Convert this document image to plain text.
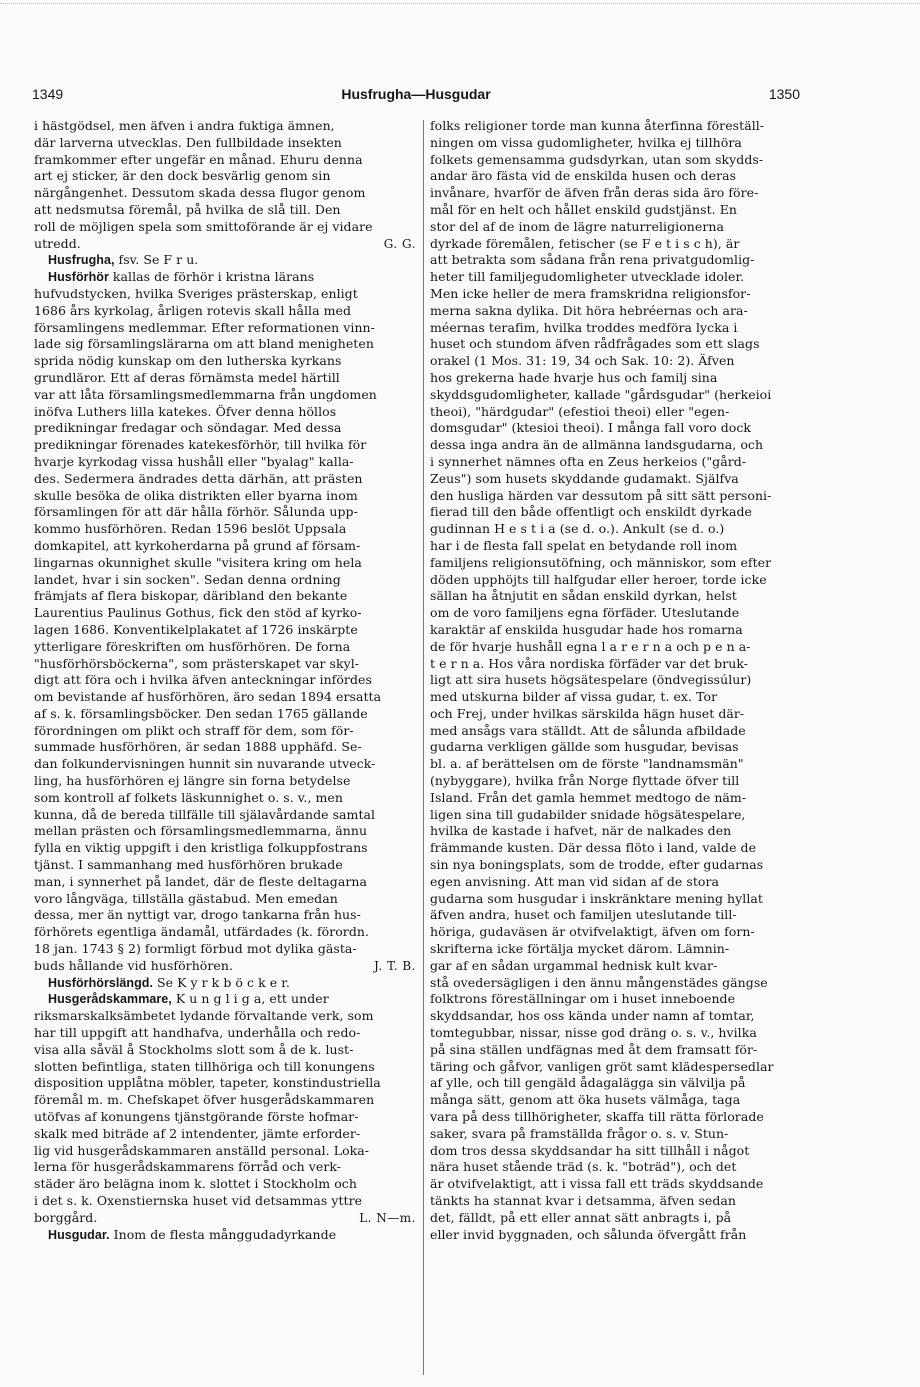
1349	Husfrugha—Husgudar	1350
i hästgödsel, men äfven i andra fuktiga ämnen,
där larverna utvecklas. Den fullbildade insekten
framkommer efter ungefär en månad. Ehuru denna
art ej sticker, är den dock besvärlig genom sin
närgångenhet. Dessutom skada dessa flugor genom
att nedsmutsa föremål, på hvilka de slå till. Den
roll de möjligen spela som smittoförande är ej vidare
utredd.	G. G.
Husfrugha, fsv. Se F r u.
Husförhör kallas de förhör i kristna lärans
hufvudstycken, hvilka Sveriges prästerskap, enligt
1686 års kyrkolag, årligen rotevis skall hålla med
församlingens medlemmar. Efter reformationen vinn-
lade sig församlingslärarna om att bland menigheten
sprida nödig kunskap om den lutherska kyrkans
grundläror. Ett af deras förnämsta medel härtill
var att låta församlingsmedlemmarna från ungdomen
inöfva Luthers lilla katekes. Öfver denna höllos
predikningar fredagar och söndagar. Med dessa
predikningar förenades katekesförhör, till hvilka för
hvarje kyrkodag vissa hushåll eller "byalag" kalla-
des. Sedermera ändrades detta därhän, att prästen
skulle besöka de olika distrikten eller byarna inom
församlingen för att där hålla förhör. Sålunda upp-
kommo husförhören. Redan 1596 beslöt Uppsala
domkapitel, att kyrkoherdarna på grund af försam-
lingarnas okunnighet skulle "visitera kring om hela
landet, hvar i sin socken". Sedan denna ordning
främjats af flera biskopar, däribland den bekante
Laurentius Paulinus Gothus, fick den stöd af kyrko-
lagen 1686. Konventikelplakatet af 1726 inskärpte
ytterligare föreskriften om husförhören. De forna
"husförhörsböckerna", som prästerskapet var skyl-
digt att föra och i hvilka äfven anteckningar infördes
om bevistande af husförhören, äro sedan 1894 ersatta
af s. k. församlingsböcker. Den sedan 1765 gällande
förordningen om plikt och straff för dem, som för-
summade husförhören, är sedan 1888 upphäfd. Se-
dan folkundervisningen hunnit sin nuvarande utveck-
ling, ha husförhören ej längre sin forna betydelse
som kontroll af folkets läskunnighet o. s. v., men
kunna, då de bereda tillfälle till själavårdande samtal
mellan prästen och församlingsmedlemmarna, ännu
fylla en viktig uppgift i den kristliga folkuppfostrans
tjänst. I sammanhang med husförhören brukade
man, i synnerhet på landet, där de fleste deltagarna
voro långväga, tillställa gästabud. Men emedan
dessa, mer än nyttigt var, drogo tankarna från hus-
förhörets egentliga ändamål, utfärdades (k. förordn.
18 jan. 1743 § 2) formligt förbud mot dylika gästa-
buds hållande vid husförhören.	J. T. B.
Husförhörslängd. Se K y r k b ö c k e r.
Husgerådskammare, K u n g l i g a, ett under
riksmarskalksämbetet lydande förvaltande verk, som
har till uppgift att handhafva, underhålla och redo-
visa alla såväl å Stockholms slott som å de k. lust-
slotten befintliga, staten tillhöriga och till konungens
disposition upplåtna möbler, tapeter, konstindustriella
föremål m. m. Chefskapet öfver husgerådskammaren
utöfvas af konungens tjänstgörande förste hofmar-
skalk med biträde af 2 intendenter, jämte erforder-
lig vid husgerådskammaren anställd personal. Loka-
lerna för husgerådskammarens förråd och verk-
städer äro belägna inom k. slottet i Stockholm och
i det s. k. Oxenstiernska huset vid detsammas yttre
borggård.	L. N—m.
Husgudar. Inom de flesta månggudadyrkande
folks religioner torde man kunna återfinna föreställ-
ningen om vissa gudomligheter, hvilka ej tillhöra
folkets gemensamma gudsdyrkan, utan som skydds-
andar äro fästa vid de enskilda husen och deras
invånare, hvarför de äfven från deras sida äro före-
mål för en helt och hållet enskild gudstjänst. En
stor del af de inom de lägre naturreligionerna
dyrkade föremålen, fetischer (se F e t i s c h), är
att betrakta som sådana från rena privatgudomlig-
heter till familjegudomligheter utvecklade idoler.
Men icke heller de mera framskridna religionsfor-
merna sakna dylika. Dit höra hebréernas och ara-
méernas terafim, hvilka troddes medföra lycka i
huset och stundom äfven rådfrågades som ett slags
orakel (1 Mos. 31: 19, 34 och Sak. 10: 2). Äfven
hos grekerna hade hvarje hus och familj sina
skyddsgudomligheter, kallade "gårdsgudar" (herkeioi
theoi), "härdgudar" (efestioi theoi) eller "egen-
domsgudar" (ktesioi theoi). I många fall voro dock
dessa inga andra än de allmänna landsgudarna, och
i synnerhet nämnes ofta en Zeus herkeios ("gård-
Zeus") som husets skyddande gudamakt. Själfva
den husliga härden var dessutom på sitt sätt personi-
fierad till den både offentligt och enskildt dyrkade
gudinnan H e s t i a (se d. o.). Ankult (se d. o.)
har i de flesta fall spelat en betydande roll inom
familjens religionsutöfning, och människor, som efter
döden upphöjts till halfgudar eller heroer, torde icke
sällan ha åtnjutit en sådan enskild dyrkan, helst
om de voro familjens egna förfäder. Uteslutande
karaktär af enskilda husgudar hade hos romarna
de för hvarje hushåll egna l a r e r n a och p e n a-
t e r n a. Hos våra nordiska förfäder var det bruk-
ligt att sira husets högsätespelare (öndvegissúlur)
med utskurna bilder af vissa gudar, t. ex. Tor
och Frej, under hvilkas särskilda hägn huset där-
med ansågs vara ställdt. Att de sålunda afbildade
gudarna verkligen gällde som husgudar, bevisas
bl. a. af berättelsen om de förste "landnamsmän"
(nybyggare), hvilka från Norge flyttade öfver till
Island. Från det gamla hemmet medtogo de näm-
ligen sina till gudabilder snidade högsätespelare,
hvilka de kastade i hafvet, när de nalkades den
främmande kusten. Där dessa flöto i land, valde de
sin nya boningsplats, som de trodde, efter gudarnas
egen anvisning. Att man vid sidan af de stora
gudarna som husgudar i inskränktare mening hyllat
äfven andra, huset och familjen uteslutande till-
höriga, gudaväsen är otvifvelaktigt, äfven om forn-
skrifterna icke förtälja mycket därom. Lämnin-
gar af en sådan urgammal hednisk kult kvar-
stå ovedersägligen i den ännu mångenstädes gängse
folktrons föreställningar om i huset inneboende
skyddsandar, hos oss kända under namn af tomtar,
tomtegubbar, nissar, nisse god dräng o. s. v., hvilka
på sina ställen undfägnas med åt dem framsatt för-
täring och gåfvor, vanligen gröt samt klädespersedlar
af ylle, och till gengäld ådagalägga sin välvilja på
många sätt, genom att öka husets välmåga, taga
vara på dess tillhörigheter, skaffa till rätta förlorade
saker, svara på framställda frågor o. s. v. Stun-
dom tros dessa skyddsandar ha sitt tillhåll i något
nära huset stående träd (s. k. "boträd"), och det
är otvifvelaktigt, att i vissa fall ett träds skyddsande
tänkts ha stannat kvar i detsamma, äfven sedan
det, fälldt, på ett eller annat sätt anbragts i, på
eller invid byggnaden, och sålunda öfvergått från
